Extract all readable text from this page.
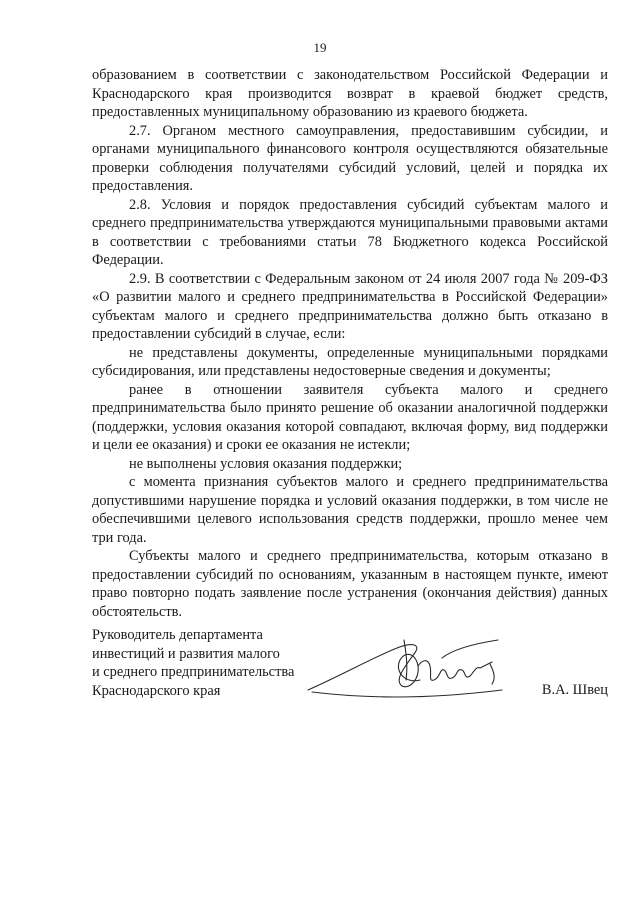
19

образованием в соответствии с законодательством Российской Федерации и Краснодарского края производится возврат в краевой бюджет средств, предоставленных муниципальному образованию из краевого бюджета.

2.7. Органом местного самоуправления, предоставившим субсидии, и органами муниципального финансового контроля осуществляются обязательные проверки соблюдения получателями субсидий условий, целей и порядка их предоставления.

2.8. Условия и порядок предоставления субсидий субъектам малого и среднего предпринимательства утверждаются муниципальными правовыми актами в соответствии с требованиями статьи 78 Бюджетного кодекса Российской Федерации.

2.9. В соответствии с Федеральным законом от 24 июля 2007 года № 209-ФЗ «О развитии малого и среднего предпринимательства в Российской Федерации» субъектам малого и среднего предпринимательства должно быть отказано в предоставлении субсидий в случае, если:

не представлены документы, определенные муниципальными порядками субсидирования, или представлены недостоверные сведения и документы;

ранее в отношении заявителя субъекта малого и среднего предпринимательства было принято решение об оказании аналогичной поддержки (поддержки, условия оказания которой совпадают, включая форму, вид поддержки и цели ее оказания) и сроки ее оказания не истекли;

не выполнены условия оказания поддержки;

с момента признания субъектов малого и среднего предпринимательства допустившими нарушение порядка и условий оказания поддержки, в том числе не обеспечившими целевого использования средств поддержки, прошло менее чем три года.

Субъекты малого и среднего предпринимательства, которым отказано в предоставлении субсидий по основаниям, указанным в настоящем пункте, имеют право повторно подать заявление после устранения (окончания действия) данных обстоятельств.

Руководитель департамента
инвестиций и развития малого
и среднего предпринимательства
Краснодарского края	В.А. Швец
